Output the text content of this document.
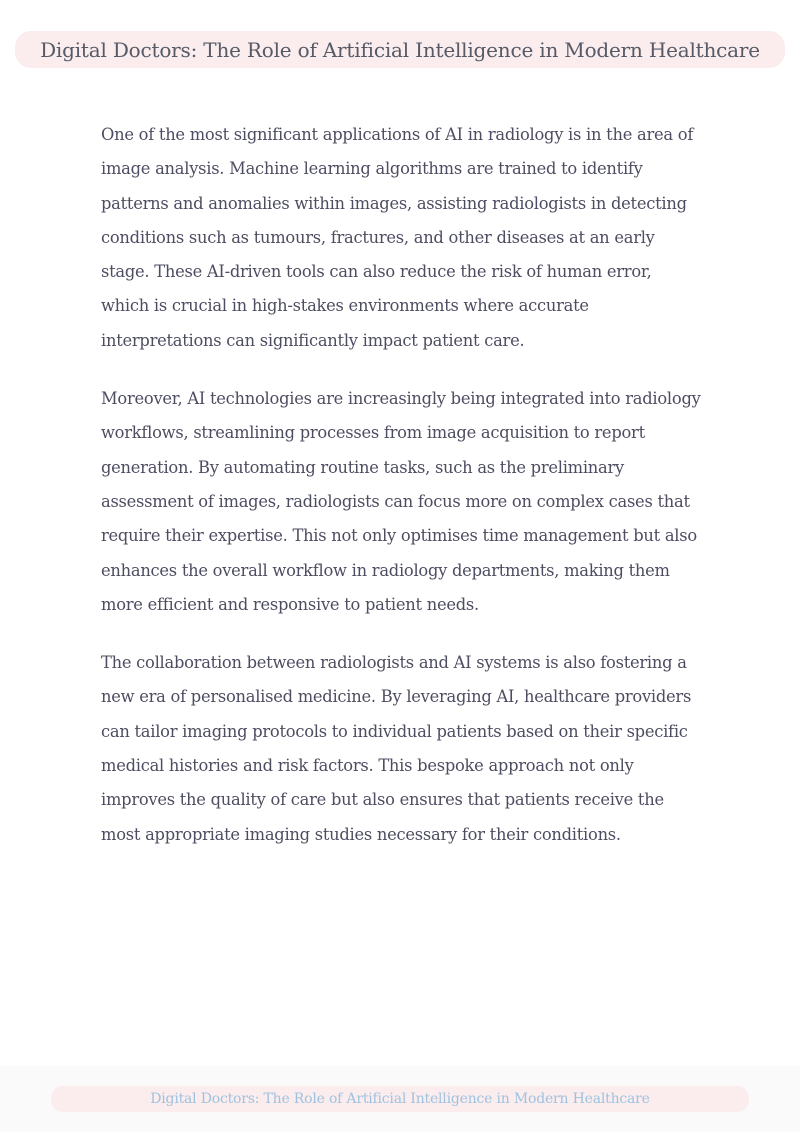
Digital Doctors: The Role of Artificial Intelligence in Modern Healthcare

One of the most significant applications of AI in radiology is in the area of image analysis. Machine learning algorithms are trained to identify patterns and anomalies within images, assisting radiologists in detecting conditions such as tumours, fractures, and other diseases at an early stage. These AI-driven tools can also reduce the risk of human error, which is crucial in high-stakes environments where accurate interpretations can significantly impact patient care.

Moreover, AI technologies are increasingly being integrated into radiology workflows, streamlining processes from image acquisition to report generation. By automating routine tasks, such as the preliminary assessment of images, radiologists can focus more on complex cases that require their expertise. This not only optimises time management but also enhances the overall workflow in radiology departments, making them more efficient and responsive to patient needs.

The collaboration between radiologists and AI systems is also fostering a new era of personalised medicine. By leveraging AI, healthcare providers can tailor imaging protocols to individual patients based on their specific medical histories and risk factors. This bespoke approach not only improves the quality of care but also ensures that patients receive the most appropriate imaging studies necessary for their conditions.

Digital Doctors: The Role of Artificial Intelligence in Modern Healthcare
